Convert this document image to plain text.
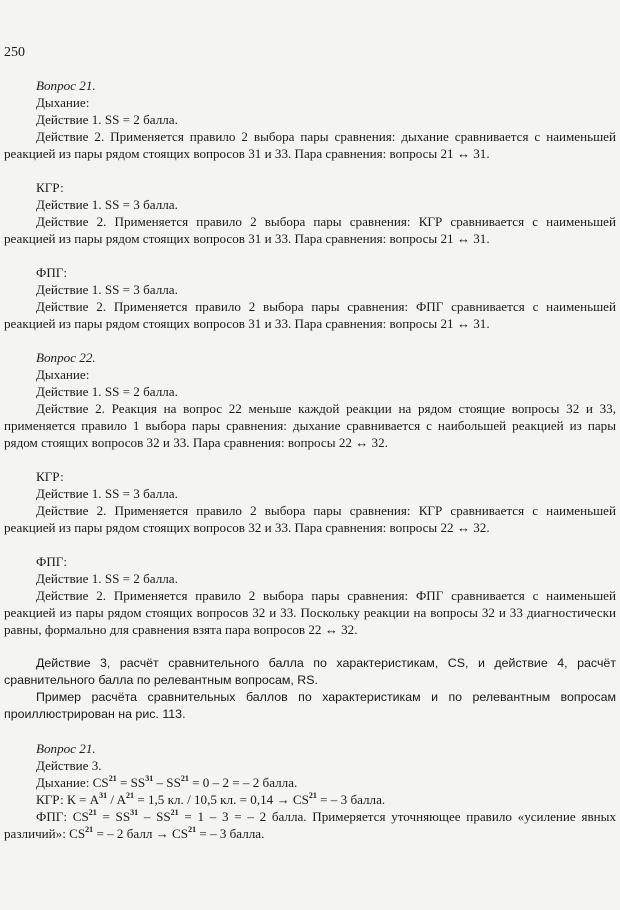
250
Вопрос 21.
Дыхание:
Действие 1. SS = 2 балла.
Действие 2. Применяется правило 2 выбора пары сравнения: дыхание сравнивается с наименьшей реакцией из пары рядом стоящих вопросов 31 и 33. Пара сравнения: вопросы 21 ↔ 31.
КГР:
Действие 1. SS = 3 балла.
Действие 2. Применяется правило 2 выбора пары сравнения: КГР сравнивается с наименьшей реакцией из пары рядом стоящих вопросов 31 и 33. Пара сравнения: вопросы 21 ↔ 31.
ФПГ:
Действие 1. SS = 3 балла.
Действие 2. Применяется правило 2 выбора пары сравнения: ФПГ сравнивается с наименьшей реакцией из пары рядом стоящих вопросов 31 и 33. Пара сравнения: вопросы 21 ↔ 31.
Вопрос 22.
Дыхание:
Действие 1. SS = 2 балла.
Действие 2. Реакция на вопрос 22 меньше каждой реакции на рядом стоящие вопросы 32 и 33, применяется правило 1 выбора пары сравнения: дыхание сравнивается с наибольшей реакцией из пары рядом стоящих вопросов 32 и 33. Пара сравнения: вопросы 22 ↔ 32.
КГР:
Действие 1. SS = 3 балла.
Действие 2. Применяется правило 2 выбора пары сравнения: КГР сравнивается с наименьшей реакцией из пары рядом стоящих вопросов 32 и 33. Пара сравнения: вопросы 22 ↔ 32.
ФПГ:
Действие 1. SS = 2 балла.
Действие 2. Применяется правило 2 выбора пары сравнения: ФПГ сравнивается с наименьшей реакцией из пары рядом стоящих вопросов 32 и 33. Поскольку реакции на вопросы 32 и 33 диагностически равны, формально для сравнения взята пара вопросов 22 ↔ 32.
Действие 3, расчёт сравнительного балла по характеристикам, CS, и действие 4, расчёт сравнительного балла по релевантным вопросам, RS.
Пример расчёта сравнительных баллов по характеристикам и по релевантным вопросам проиллюстрирован на рис. 113.
Вопрос 21.
Действие 3.
Дыхание: $CS^{21} = SS^{31} - SS^{21} = 0 - 2$ = – 2 балла.
КГР: $К = A^{31} / A^{21} = 1,5$ кл. / 10,5 кл. = $0,14 \to CS^{21}$ = – 3 балла.
ФПГ: $CS^{21} = SS^{31} - SS^{21} = 1 - 3$ = – 2 балла. Примеряется уточняющее правило «усиление явных различий»: $CS^{21}$ = – 2 балл → $CS^{21}$ = – 3 балла.
